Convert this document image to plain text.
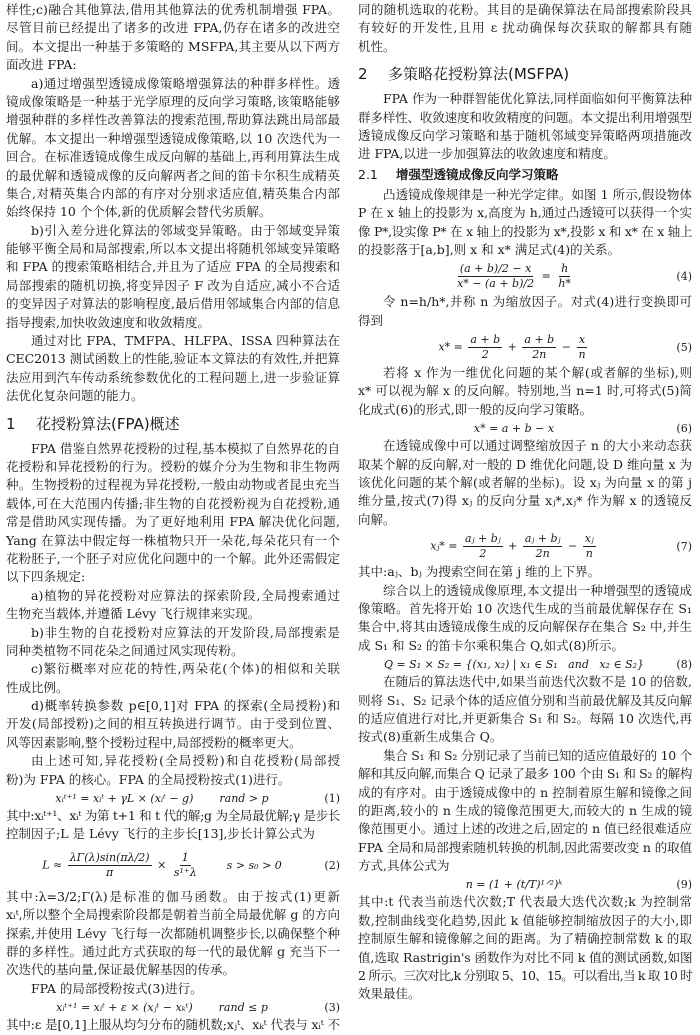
样性;c)融合其他算法,借用其他算法的优秀机制增强 FPA。
尽管目前已经提出了诸多的改进 FPA,仍存在诸多的改进空
间。本文提出一种基于多策略的 MSFPA,其主要从以下两方
面改进 FPA:
a)通过增强型透镜成像策略增强算法的种群多样性。透
镜成像策略是一种基于光学原理的反向学习策略,该策略能够
增强种群的多样性改善算法的搜索范围,帮助算法跳出局部最
优解。本文提出一种增强型透镜成像策略,以 10 次迭代为一
回合。在标准透镜成像生成反向解的基础上,再利用算法生成
的最优解和透镜成像的反向解两者之间的笛卡尔积生成精英
集合,对精英集合内部的有序对分别求适应值,精英集合内部
始终保持 10 个个体,新的优质解会替代劣质解。
b)引入差分进化算法的邻域变异策略。由于邻域变异策
能够平衡全局和局部搜索,所以本文提出将随机邻域变异策略
和 FPA 的搜索策略相结合,并且为了适应 FPA 的全局搜索和
局部搜索的随机切换,将变异因子 F 改为自适应,减小不合适
的变异因子对算法的影响程度,最后借用邻域集合内部的信息
指导搜索,加快收敛速度和收敛精度。
通过对比 FPA、TMFPA、HLFPA、ISSA 四种算法在
CEC2013 测试函数上的性能,验证本文算法的有效性,并把算
法应用到汽车传动系统参数优化的工程问题上,进一步验证算
法优化复杂问题的能力。
1 花授粉算法(FPA)概述
FPA 借鉴自然界花授粉的过程,基本模拟了自然界花的自
花授粉和异花授粉的行为。授粉的媒介分为生物和非生物两
种。生物授粉的过程视为异花授粉,一般由动物或者昆虫充当
载体,可在大范围内传播;非生物的自花授粉视为自花授粉,通
常是借助风实现传播。为了更好地利用 FPA 解决优化问题,
Yang 在算法中假定每一株植物只开一朵花,每朵花只有一个
花粉胚子,一个胚子对应优化问题中的一个解。此外还需假定
以下四条规定:
a)植物的异花授粉对应算法的探索阶段,全局搜索通过
生物充当载体,并遵循 Lévy 飞行规律来实现。
b)非生物的自花授粉对应算法的开发阶段,局部搜索是
同种类植物不同花朵之间通过风实现传粉。
c)繁衍概率对应花的特性,两朵花(个体)的相似和关联
性成比例。
d)概率转换参数 p∈[0,1]对 FPA 的探索(全局授粉)和
开发(局部授粉)之间的相互转换进行调节。由于受到位置、
风等因素影响,整个授粉过程中,局部授粉的概率更大。
由上述可知,异花授粉(全局授粉)和自花授粉(局部授
粉)为 FPA 的核心。FPA 的全局授粉按式(1)进行。
xᵢᵗ⁺¹ = xᵢᵗ + γL × (xᵢᵗ − g) rand > p	(1)
其中:xᵢᵗ⁺¹、xᵢᵗ 为第 t+1 和 t 代的解;g 为全局最优解;γ 是步长
控制因子;L 是 Lévy 飞行的主步长[13],步长计算公式为
$L \approx \frac{\lambda\Gamma(\lambda)\sin(\pi\lambda/2)}{\pi} \times \frac{1}{\text{s¹⁺λ}}$	s > s₀ > 0	(2)
其中:λ=3/2;Γ(λ)是标准的伽马函数。由于按式(1)更新
xᵢᵗ,所以整个全局搜索阶段都是朝着当前全局最优解 g 的方向
探索,并使用 Lévy 飞行每一次都随机调整步长,以确保整个种
群的多样性。通过此方式获取的每一代的最优解 g 充当下一
次迭代的基向量,保证最优解基因的传承。
FPA 的局部授粉按式(3)进行。
xᵢᵗ⁺¹ = xᵢᵗ + ε × (xⱼᵗ − xₖᵗ) rand ≤ p	(3)
其中:ε 是[0,1]上服从均匀分布的随机数;xⱼᵗ、xₖᵗ 代表与 xᵢᵗ 不
同的随机选取的花粉。其目的是确保算法在局部搜索阶段具
有较好的开发性,且用 ε 扰动确保每次获取的解都具有随
机性。
2 多策略花授粉算法(MSFPA)
FPA 作为一种群智能优化算法,同样面临如何平衡算法种
群多样性、收敛速度和收敛精度的问题。本文提出利用增强型
透镜成像反向学习策略和基于随机邻域变异策略两项措施改
进 FPA,以进一步加强算法的收敛速度和精度。
2.1 增强型透镜成像反向学习策略
凸透镜成像规律是一种光学定律。如图 1 所示,假设物体
P 在 x 轴上的投影为 x,高度为 h,通过凸透镜可以获得一个实
像 P*,设实像 P* 在 x 轴上的投影为 x*,投影 x 和 x* 在 x 轴上
的投影落于[a,b],则 x 和 x* 满足式(4)的关系。
$\frac{(a + b)/2 - x}{x* - (a + b)/2} = \frac{h}{h*}$	(4)
令 n=h/h*,并称 n 为缩放因子。对式(4)进行变换即可
得到
$x* = \frac{a + b}{2} + \frac{a + b}{2n} - \frac{x}{n}$	(5)
若将 x 作为一维优化问题的某个解(或者解的坐标),则
x* 可以视为解 x 的反向解。特别地,当 n=1 时,可将式(5)简
化成式(6)的形式,即一般的反向学习策略。
x* = a + b − x	(6)
在透镜成像中可以通过调整缩放因子 n 的大小来动态获
取某个解的反向解,对一般的 D 维优化问题,设 D 维向量 x 为
该优化问题的某个解(或者解的坐标)。设 xⱼ 为向量 x 的第 j
维分量,按式(7)得 xⱼ 的反向分量 xⱼ*,xⱼ* 作为解 x 的透镜反
向解。
xⱼ* = $\frac{\text{aⱼ + bⱼ}}{2} + \frac{\text{aⱼ + bⱼ}}{2n} - \frac{\text{xⱼ}}{n}$	(7)
其中:aⱼ、bⱼ 为搜索空间在第 j 维的上下界。
综合以上的透镜成像原理,本文提出一种增强型的透镜成
像策略。首先将开始 10 次迭代生成的当前最优解保存在 S₁
集合中,将其由透镜成像生成的反向解保存在集合 S₂ 中,并生
成 S₁ 和 S₂ 的笛卡尔乘积集合 Q,如式(8)所示。
Q = S₁ × S₂ = {(x₁, x₂) | x₁ ∈ S₁   and   x₂ ∈ S₂}	(8)
在随后的算法迭代中,如果当前迭代次数不是 10 的倍数,
则将 S₁、S₂ 记录个体的适应值分别和当前最优解及其反向解
的适应值进行对比,并更新集合 S₁ 和 S₂。每隔 10 次迭代,再
按式(8)重新生成集合 Q。
集合 S₁ 和 S₂ 分别记录了当前已知的适应值最好的 10 个
解和其反向解,而集合 Q 记录了最多 100 个由 S₁ 和 S₂ 的解构
成的有序对。由于透镜成像中的 n 控制着原生解和镜像之间
的距离,较小的 n 生成的镜像范围更大,而较大的 n 生成的镜
像范围更小。通过上述的改进之后,固定的 n 值已经很难适应
FPA 全局和局部搜索随机转换的机制,因此需要改变 n 的取值
方式,具体公式为
n = (1 + (t/T)¹ᐟ²)ᵏ	(9)
其中:t 代表当前迭代次数;T 代表最大迭代次数;k 为控制常
数,控制曲线变化趋势,因此 k 值能够控制缩放因子的大小,即
控制原生解和镜像解之间的距离。为了精确控制常数 k 的取
值,选取 Rastrigin's 函数作为对比不同 k 值的测试函数,如图
2 所示。三次对比,k 分别取 5、10、15。可以看出,当 k 取 10 时
效果最佳。
